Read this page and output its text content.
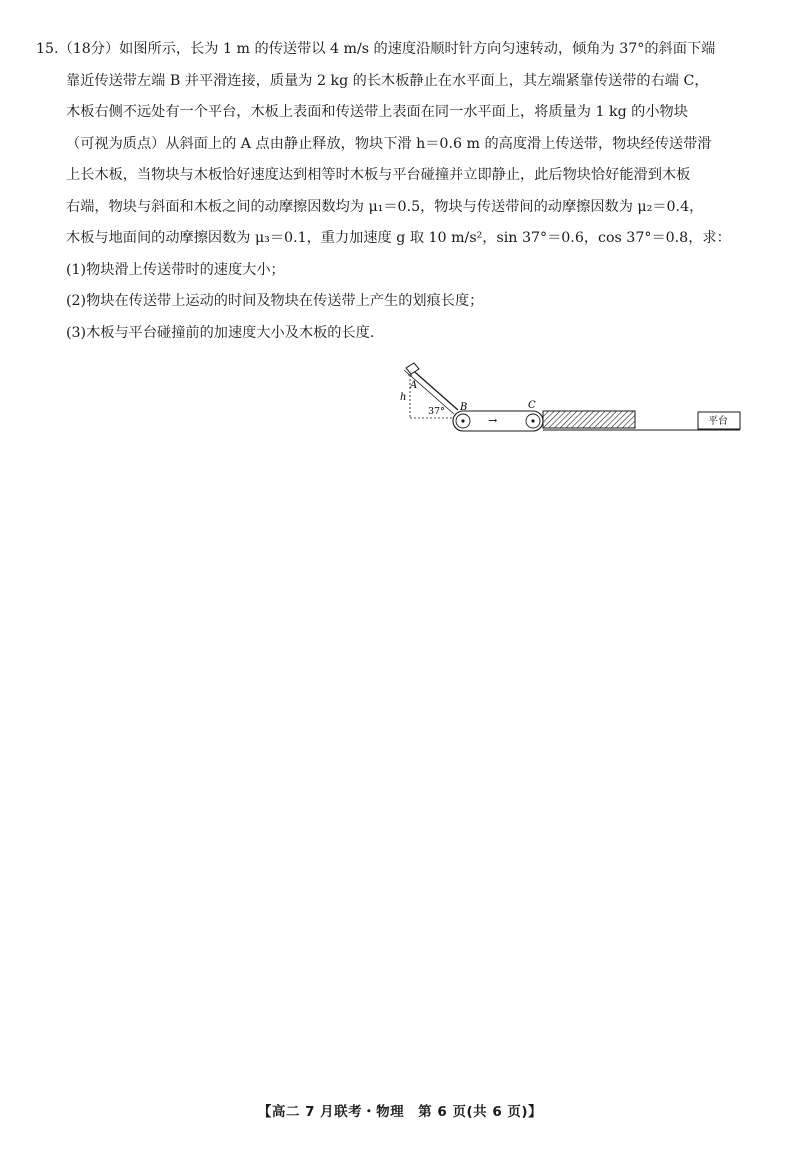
15.（18分）如图所示，长为 1 m 的传送带以 4 m/s 的速度沿顺时针方向匀速转动，倾角为 37°的斜面下端
靠近传送带左端 B 并平滑连接，质量为 2 kg 的长木板静止在水平面上，其左端紧靠传送带的右端 C，
木板右侧不远处有一个平台，木板上表面和传送带上表面在同一水平面上，将质量为 1 kg 的小物块
（可视为质点）从斜面上的 A 点由静止释放，物块下滑 h＝0.6 m 的高度滑上传送带，物块经传送带滑
上长木板，当物块与木板恰好速度达到相等时木板与平台碰撞并立即静止，此后物块恰好能滑到木板
右端，物块与斜面和木板之间的动摩擦因数均为 μ₁＝0.5，物块与传送带间的动摩擦因数为 μ₂＝0.4，
木板与地面间的动摩擦因数为 μ₃＝0.1，重力加速度 g 取 10 m/s²，sin 37°＝0.6，cos 37°＝0.8，求：
(1)物块滑上传送带时的速度大小；
(2)物块在传送带上运动的时间及物块在传送带上产生的划痕长度；
(3)木板与平台碰撞前的加速度大小及木板的长度.
A
h
37° B
→
C
平台
【高二 7 月联考・物理　第 6 页(共 6 页)】
